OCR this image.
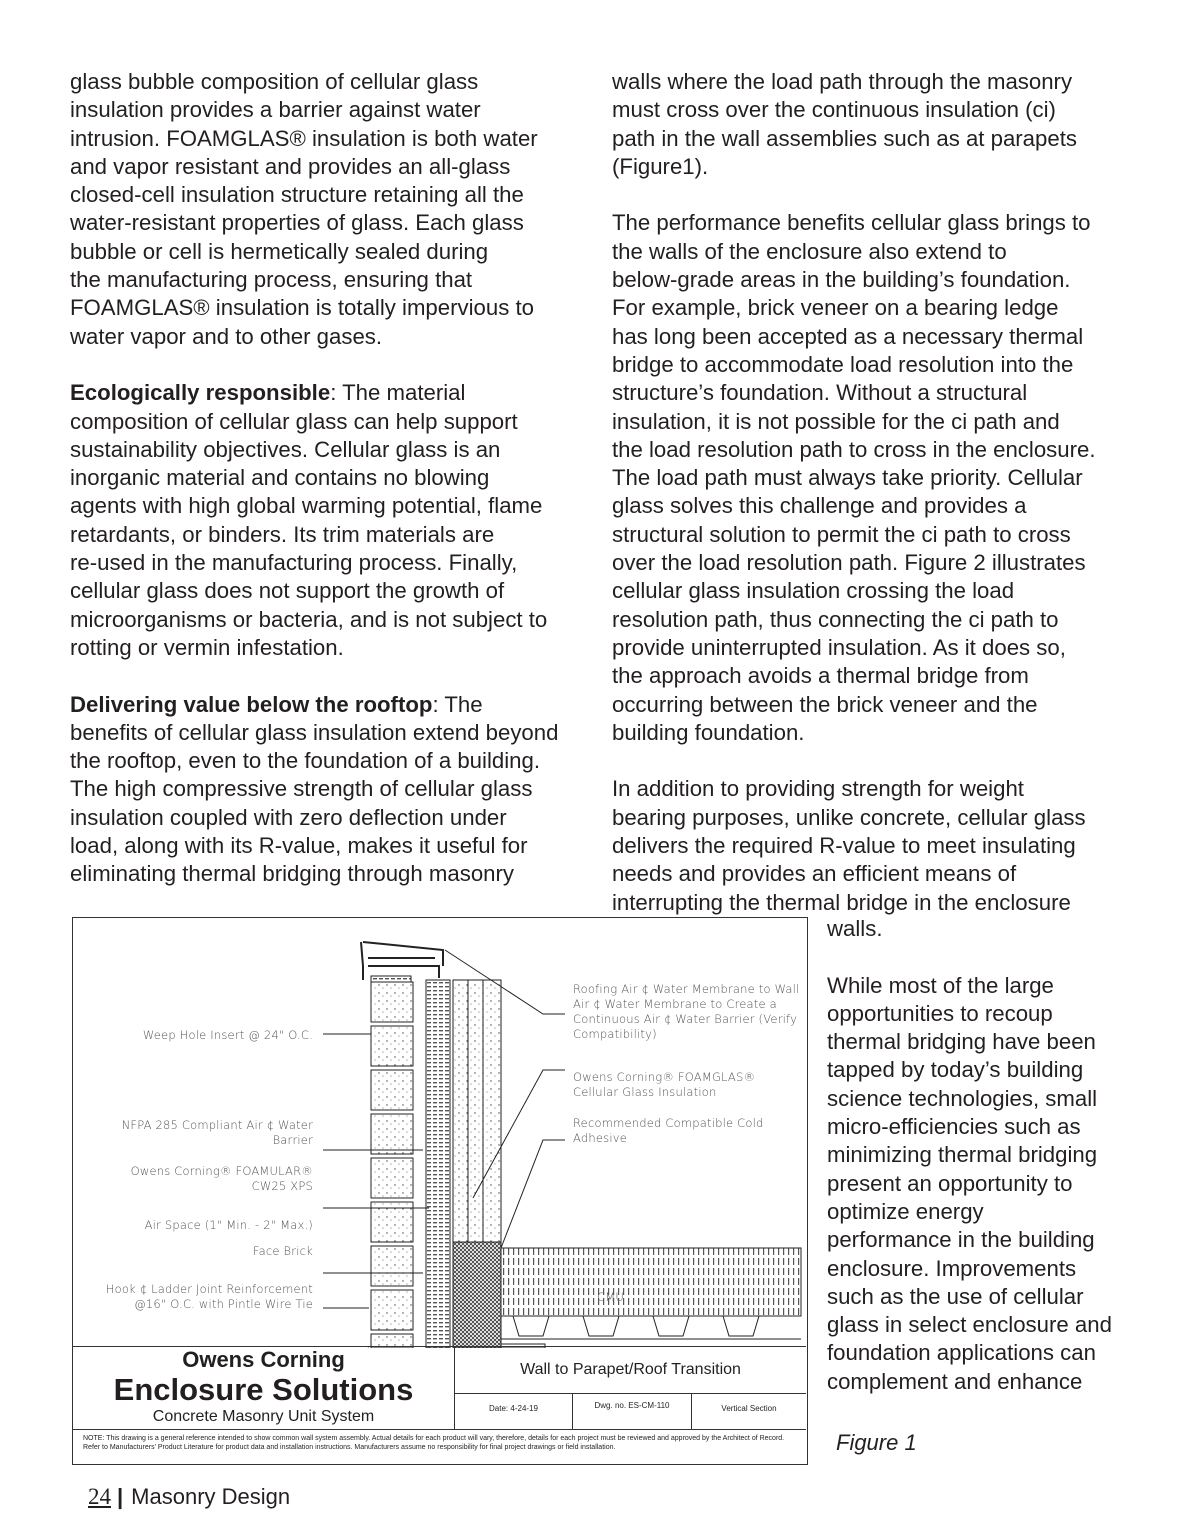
glass bubble composition of cellular glass
insulation provides a barrier against water
intrusion. FOAMGLAS® insulation is both water
and vapor resistant and provides an all-glass
closed-cell insulation structure retaining all the
water-resistant properties of glass. Each glass
bubble or cell is hermetically sealed during
the manufacturing process, ensuring that
FOAMGLAS® insulation is totally impervious to
water vapor and to other gases.
Ecologically responsible: The material
composition of cellular glass can help support
sustainability objectives. Cellular glass is an
inorganic material and contains no blowing
agents with high global warming potential, flame
retardants, or binders. Its trim materials are
re-used in the manufacturing process. Finally,
cellular glass does not support the growth of
microorganisms or bacteria, and is not subject to
rotting or vermin infestation.
Delivering value below the rooftop: The
benefits of cellular glass insulation extend beyond
the rooftop, even to the foundation of a building.
The high compressive strength of cellular glass
insulation coupled with zero deflection under
load, along with its R-value, makes it useful for
eliminating thermal bridging through masonry
walls where the load path through the masonry
must cross over the continuous insulation (ci)
path in the wall assemblies such as at parapets
(Figure1).
The performance benefits cellular glass brings to
the walls of the enclosure also extend to
below-grade areas in the building’s foundation.
For example, brick veneer on a bearing ledge
has long been accepted as a necessary thermal
bridge to accommodate load resolution into the
structure’s foundation. Without a structural
insulation, it is not possible for the ci path and
the load resolution path to cross in the enclosure.
The load path must always take priority. Cellular
glass solves this challenge and provides a
structural solution to permit the ci path to cross
over the load resolution path. Figure 2 illustrates
cellular glass insulation crossing the load
resolution path, thus connecting the ci path to
provide uninterrupted insulation. As it does so,
the approach avoids a thermal bridge from
occurring between the brick veneer and the
building foundation.
In addition to providing strength for weight
bearing purposes, unlike concrete, cellular glass
delivers the required R-value to meet insulating
needs and provides an efficient means of
interrupting the thermal bridge in the enclosure
walls.
While most of the large
opportunities to recoup
thermal bridging have been
tapped by today’s building
science technologies, small
micro-efficiencies such as
minimizing thermal bridging
present an opportunity to
optimize energy
performance in the building
enclosure. Improvements
such as the use of cellular
glass in select enclosure and
foundation applications can
complement and enhance
Weep Hole Insert @ 24" O.C.
NFPA 285 Compliant Air ¢ Water Barrier
Owens Corning® FOAMULAR® CW25 XPS
Air Space (1" Min. - 2" Max.)
Face Brick
Hook ¢ Ladder Joint Reinforcement @16" O.C. with Pintle Wire Tie
Roofing Air ¢ Water Membrane to Wall Air ¢ Water Membrane to Create a Continuous Air ¢ Water Barrier (Verify Compatibility)
Owens Corning® FOAMGLAS® Cellular Glass Insulation
Recommended Compatible Cold Adhesive
CMU
Owens Corning
Enclosure Solutions
Concrete Masonry Unit System
Wall to Parapet/Roof Transition
Date: 4-24-19	Dwg. no. ES-CM-110	Vertical Section
NOTE: This drawing is a general reference intended to show common wall system assembly. Actual details for each product will vary, therefore, details for each project must be reviewed and approved by the Architect of Record. Refer to Manufacturers' Product Literature for product data and installation instructions. Manufacturers assume no responsibility for final project drawings or field installation.	Figure 1
24 | Masonry Design
